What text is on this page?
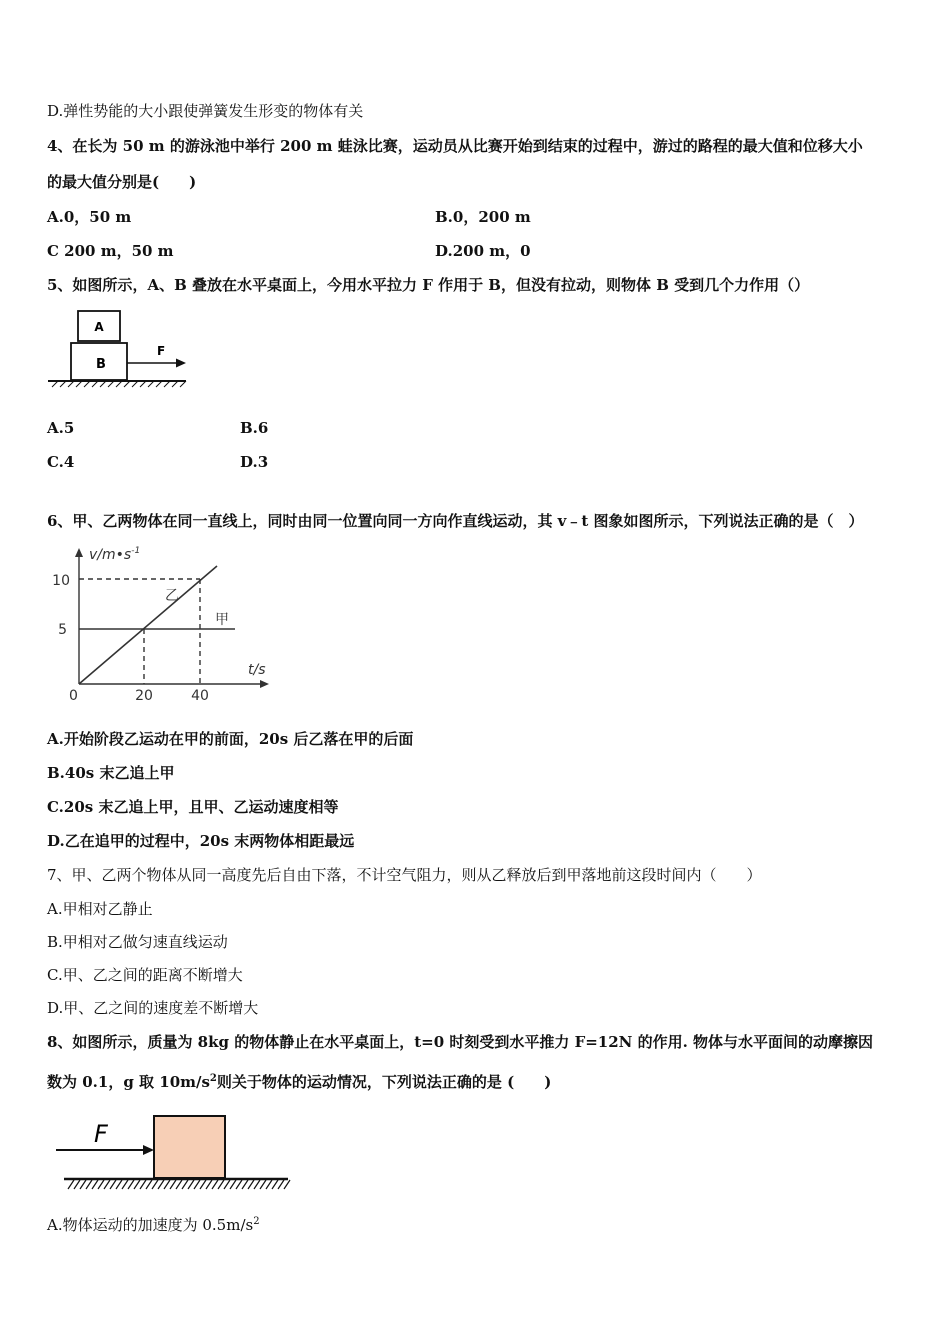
D.弹性势能的大小跟使弹簧发生形变的物体有关
4、在长为 50 m 的游泳池中举行 200 m 蛙泳比赛，运动员从比赛开始到结束的过程中，游过的路程的最大值和位移大小
的最大值分别是(　　)
A.0，50 m	B.0，200 m
C 200 m，50 m	D.200 m，0
5、如图所示，A、B 叠放在水平桌面上，今用水平拉力 F 作用于 B，但没有拉动，则物体 B 受到几个力作用（）
A
B
F
A.5	B.6
C.4	D.3
6、甲、乙两物体在同一直线上，同时由同一位置向同一方向作直线运动，其 v﹣t 图象如图所示，下列说法正确的是（　）
$v/m•s^{-1}$
t/s
0	20	40
5
10
甲
乙
A.开始阶段乙运动在甲的前面，20s 后乙落在甲的后面
B.40s 末乙追上甲
C.20s 末乙追上甲，且甲、乙运动速度相等
D.乙在追甲的过程中，20s 末两物体相距最远
7、甲、乙两个物体从同一高度先后自由下落，不计空气阻力，则从乙释放后到甲落地前这段时间内（　　）
A.甲相对乙静止
B.甲相对乙做匀速直线运动
C.甲、乙之间的距离不断增大
D.甲、乙之间的速度差不断增大
8、如图所示，质量为 8kg 的物体静止在水平桌面上，t=0 时刻受到水平推力 F=12N 的作用. 物体与水平面间的动摩擦因
数为 0.1，g 取 $10m/s^2$则关于物体的运动情况，下列说法正确的是 (　　)
F
A.物体运动的加速度为 $0.5m/s^2$
